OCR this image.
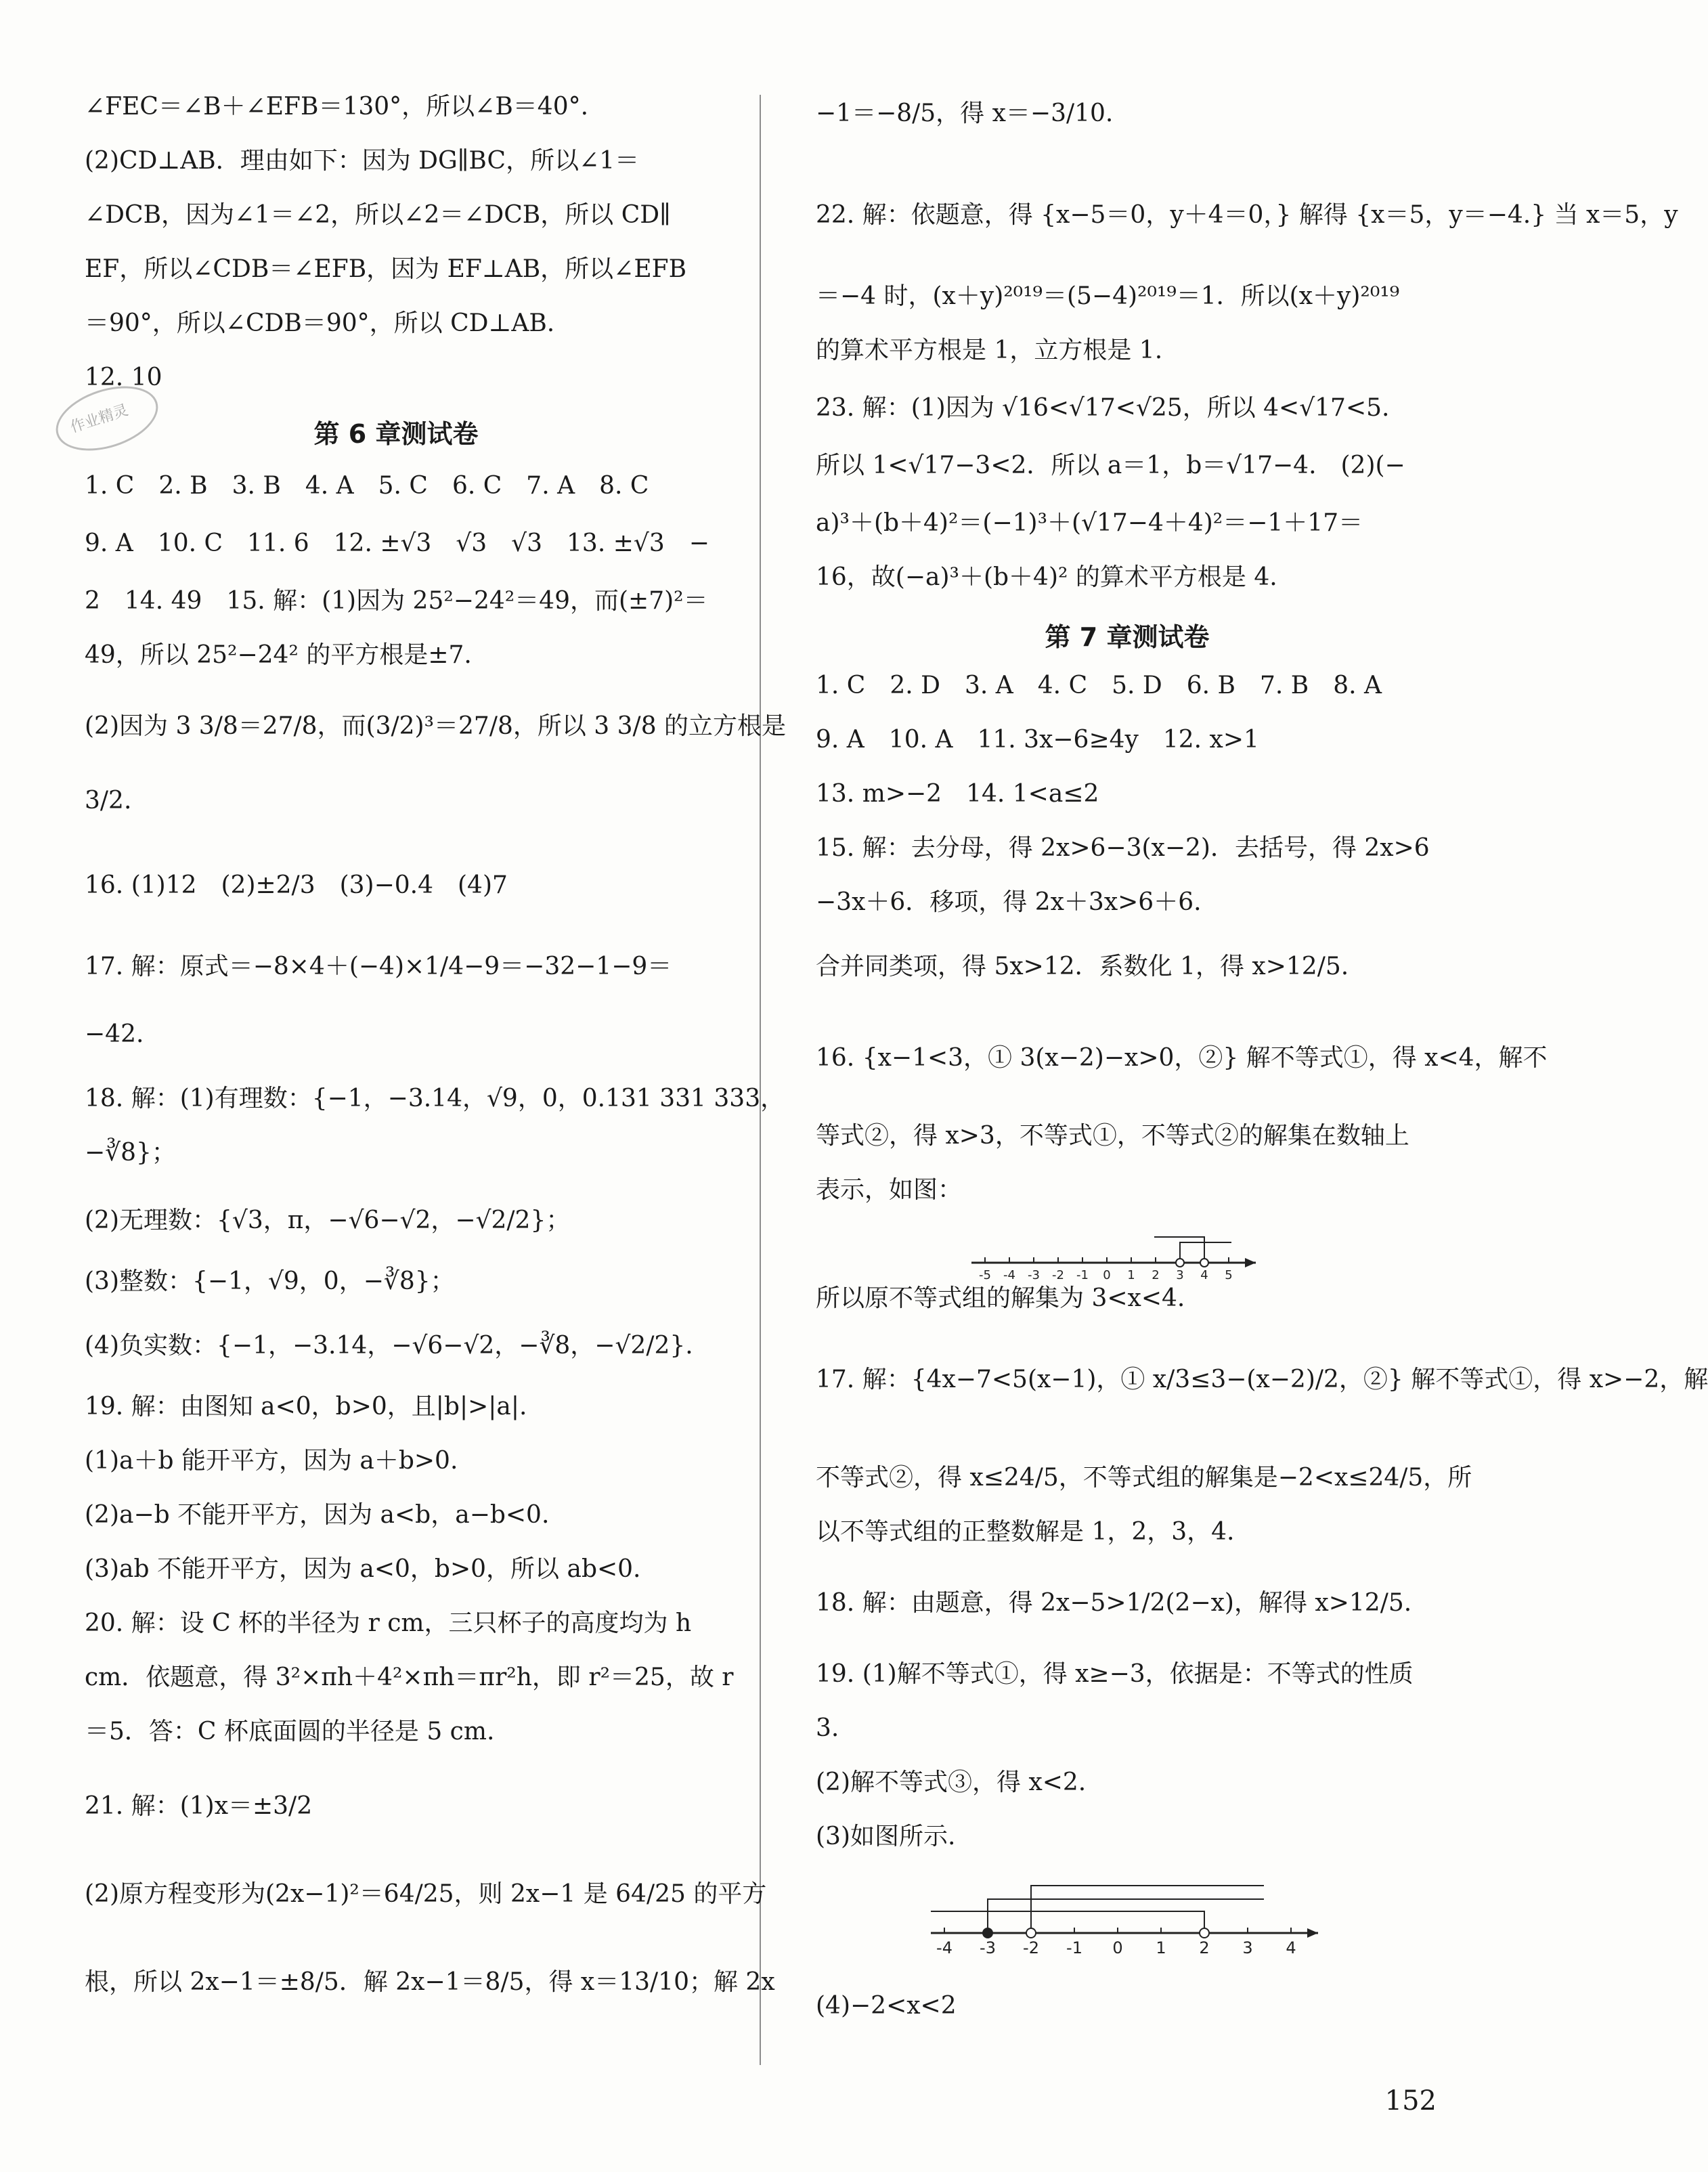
作业精灵
∠FEC＝∠B＋∠EFB＝130°，所以∠B＝40°.
(2)CD⊥AB．理由如下：因为 DG∥BC，所以∠1＝
∠DCB，因为∠1＝∠2，所以∠2＝∠DCB，所以 CD∥
EF，所以∠CDB＝∠EFB，因为 EF⊥AB，所以∠EFB
＝90°，所以∠CDB＝90°，所以 CD⊥AB.
12. 10
第 6 章测试卷
1. C　2. B　3. B　4. A　5. C　6. C　7. A　8. C
9. A　10. C　11. 6　12. ±√3　√3　√3　13. ±√3　−
2　14. 49　15. 解：(1)因为 25²−24²＝49，而(±7)²＝
49，所以 25²−24² 的平方根是±7.
(2)因为 3 3/8＝27/8，而(3/2)³＝27/8，所以 3 3/8 的立方根是
3/2.
16. (1)12　(2)±2/3　(3)−0.4　(4)7
17. 解：原式＝−8×4＋(−4)×1/4−9＝−32−1−9＝
−42.
18. 解：(1)有理数：{−1，−3.14，√9，0，0.131 331 333，
−∛8}；
(2)无理数：{√3，π，−√6−√2，−√2/2}；
(3)整数：{−1，√9，0，−∛8}；
(4)负实数：{−1，−3.14，−√6−√2，−∛8，−√2/2}.
19. 解：由图知 a<0，b>0，且|b|>|a|.
(1)a＋b 能开平方，因为 a＋b>0.
(2)a−b 不能开平方，因为 a<b，a−b<0.
(3)ab 不能开平方，因为 a<0，b>0，所以 ab<0.
20. 解：设 C 杯的半径为 r cm，三只杯子的高度均为 h
cm．依题意，得 3²×πh＋4²×πh＝πr²h，即 r²＝25，故 r
＝5．答：C 杯底面圆的半径是 5 cm.
21. 解：(1)x＝±3/2
(2)原方程变形为(2x−1)²＝64/25，则 2x−1 是 64/25 的平方
根，所以 2x−1＝±8/5．解 2x−1＝8/5，得 x＝13/10；解 2x
−1＝−8/5，得 x＝−3/10.
22. 解：依题意，得 {x−5＝0，y＋4＝0，} 解得 {x＝5，y＝−4.} 当 x＝5，y
＝−4 时，(x＋y)²⁰¹⁹＝(5−4)²⁰¹⁹＝1．所以(x＋y)²⁰¹⁹
的算术平方根是 1，立方根是 1.
23. 解：(1)因为 √16<√17<√25，所以 4<√17<5.
所以 1<√17−3<2．所以 a＝1，b＝√17−4.　(2)(−
a)³＋(b＋4)²＝(−1)³＋(√17−4＋4)²＝−1＋17＝
16，故(−a)³＋(b＋4)² 的算术平方根是 4.
第 7 章测试卷
1. C　2. D　3. A　4. C　5. D　6. B　7. B　8. A
9. A　10. A　11. 3x−6≥4y　12. x>1
13. m>−2　14. 1<a≤2
15. 解：去分母，得 2x>6−3(x−2)．去括号，得 2x>6
−3x＋6．移项，得 2x＋3x>6＋6.
合并同类项，得 5x>12．系数化 1，得 x>12/5.
16. {x−1<3，① 3(x−2)−x>0，②} 解不等式①，得 x<4，解不
等式②，得 x>3，不等式①，不等式②的解集在数轴上
表示，如图：
-5 -4 -3 -2 -1 0 1 2 3 4 5
所以原不等式组的解集为 3<x<4.
17. 解：{4x−7<5(x−1)，① x/3≤3−(x−2)/2，②} 解不等式①，得 x>−2，解
不等式②，得 x≤24/5，不等式组的解集是−2<x≤24/5，所
以不等式组的正整数解是 1，2，3，4.
18. 解：由题意，得 2x−5>1/2(2−x)，解得 x>12/5.
19. (1)解不等式①，得 x≥−3，依据是：不等式的性质
3.
(2)解不等式③，得 x<2.
(3)如图所示.
-4 -3 -2 -1 0 1 2 3 4
(4)−2<x<2
152
